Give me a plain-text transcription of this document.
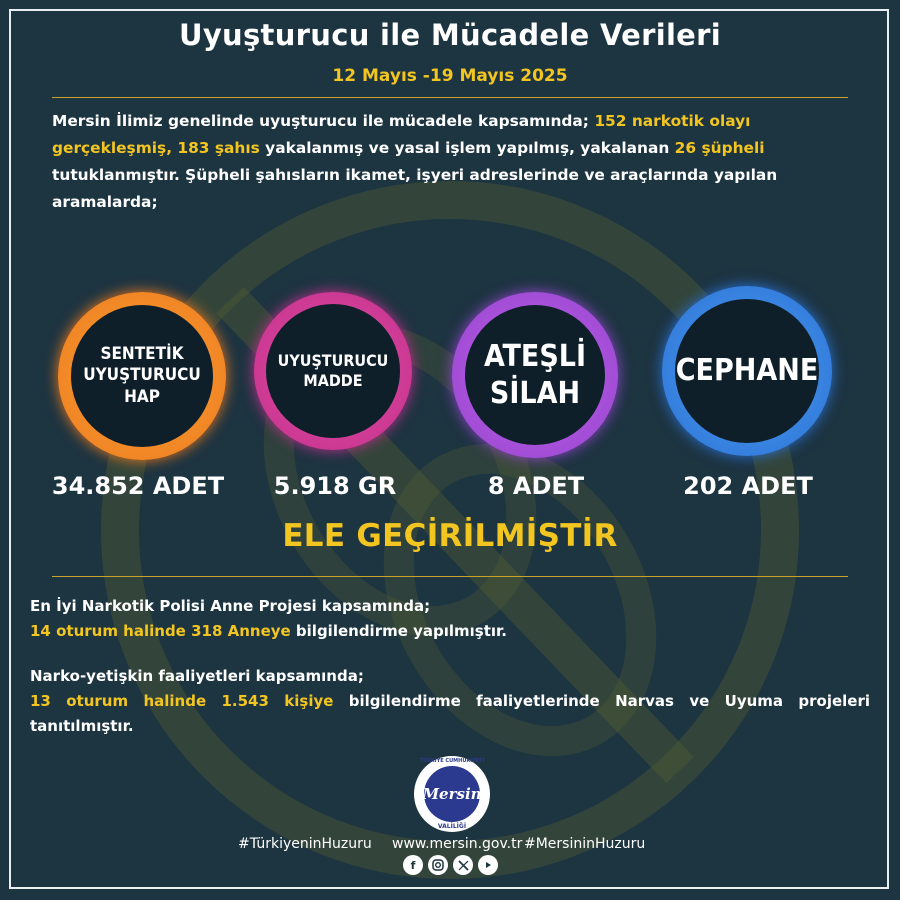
Uyuşturucu ile Mücadele Verileri
12 Mayıs -19 Mayıs 2025
Mersin İlimiz genelinde uyuşturucu ile mücadele kapsamında; 152 narkotik olayı gerçekleşmiş, 183 şahıs yakalanmış ve yasal işlem yapılmış, yakalanan 26 şüpheli tutuklanmıştır. Şüpheli şahısların ikamet, işyeri adreslerinde ve araçlarında yapılan aramalarda;
SENTETİK
UYUŞTURUCU
HAP
UYUŞTURUCU
MADDE
ATEŞLİ
SİLAH
CEPHANE
34.852 ADET	5.918 GR	8 ADET	202 ADET
ELE GEÇİRİLMİŞTİR
En İyi Narkotik Polisi Anne Projesi kapsamında;
14 oturum halinde 318 Anneye bilgilendirme yapılmıştır.
Narko-yetişkin faaliyetleri kapsamında;
13 oturum halinde 1.543 kişiye bilgilendirme faaliyetlerinde Narvas ve Uyuma projeleri tanıtılmıştır.
TÜRKİYE CUMHURİYETİ
Mersin
VALİLİĞİ
#TürkiyeninHuzuru www.mersin.gov.tr #MersininHuzuru
f
